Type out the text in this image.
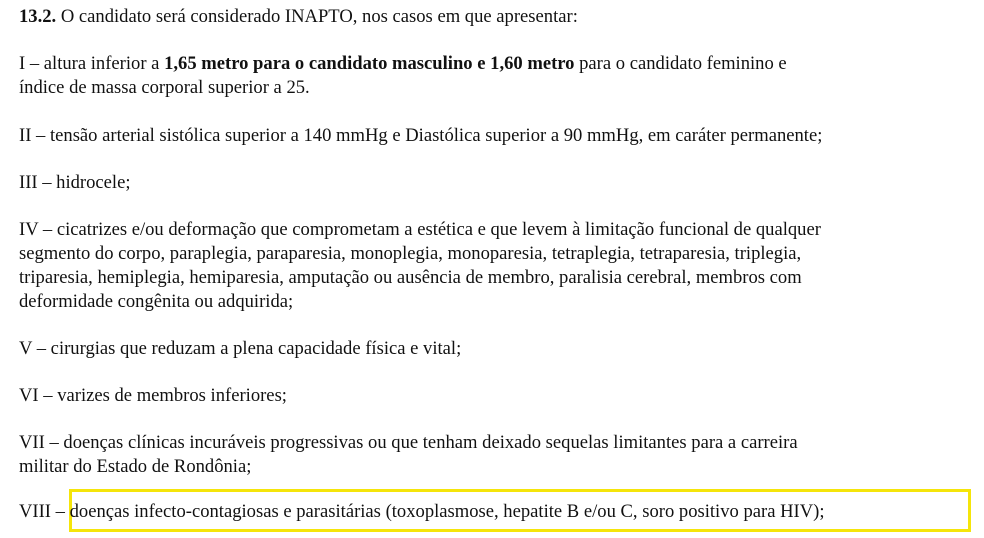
13.2. O candidato será considerado INAPTO, nos casos em que apresentar:
I – altura inferior a 1,65 metro para o candidato masculino e 1,60 metro para o candidato feminino e
índice de massa corporal superior a 25.
II – tensão arterial sistólica superior a 140 mmHg e Diastólica superior a 90 mmHg, em caráter permanente;
III – hidrocele;
IV – cicatrizes e/ou deformação que comprometam a estética e que levem à limitação funcional de qualquer
segmento do corpo, paraplegia, paraparesia, monoplegia, monoparesia, tetraplegia, tetraparesia, triplegia,
triparesia, hemiplegia, hemiparesia, amputação ou ausência de membro, paralisia cerebral, membros com
deformidade congênita ou adquirida;
V – cirurgias que reduzam a plena capacidade física e vital;
VI – varizes de membros inferiores;
VII – doenças clínicas incuráveis progressivas ou que tenham deixado sequelas limitantes para a carreira
militar do Estado de Rondônia;
VIII – doenças infecto-contagiosas e parasitárias (toxoplasmose, hepatite B e/ou C, soro positivo para HIV);
